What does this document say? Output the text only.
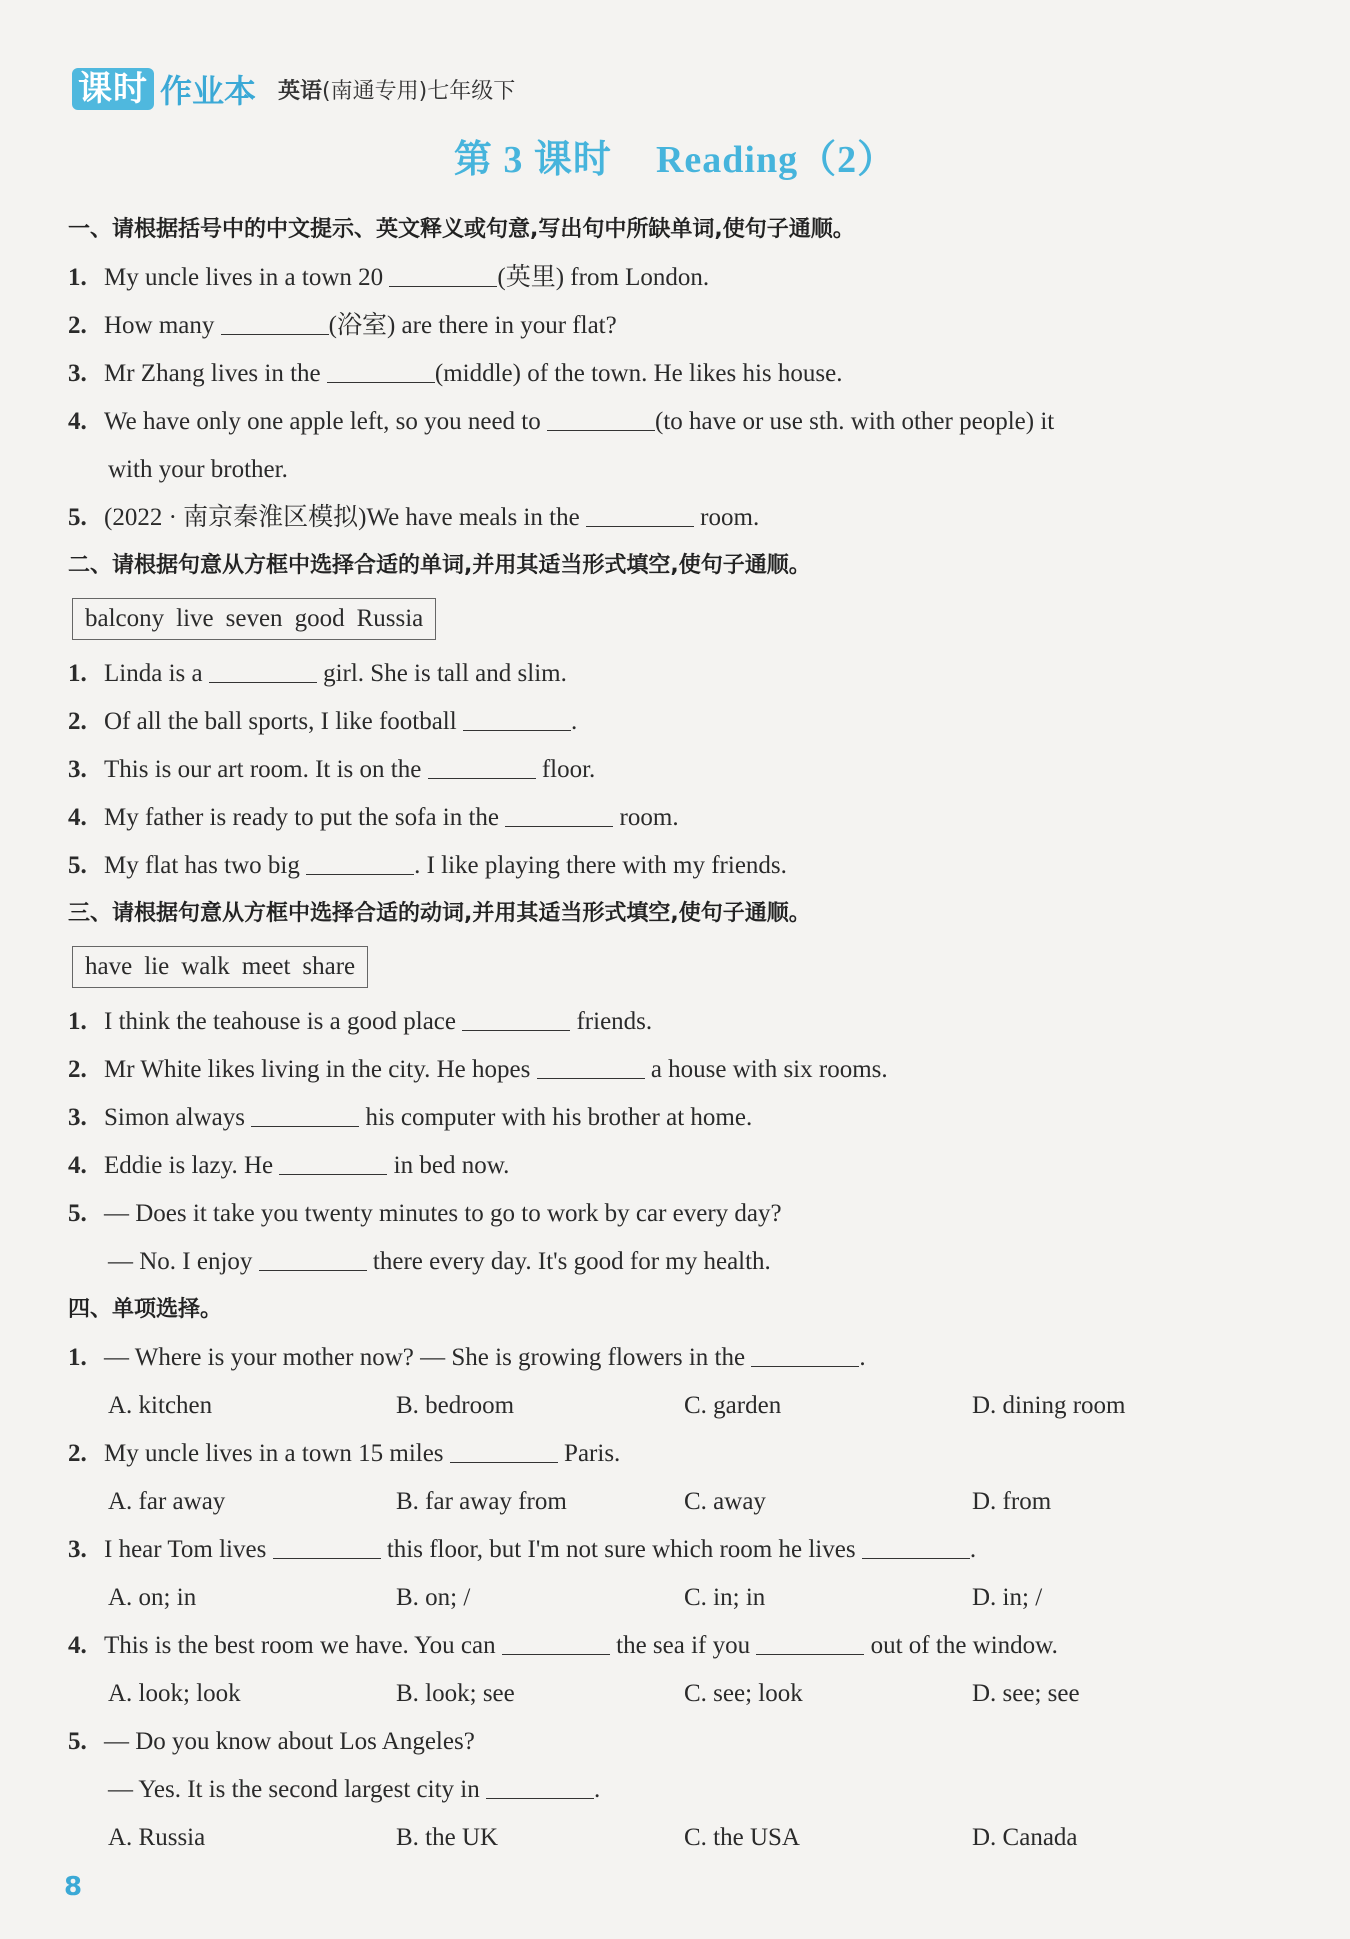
课时 作业本 英语(南通专用)七年级下
第 3 课时 Reading（2）
一、请根据括号中的中文提示、英文释义或句意,写出句中所缺单词,使句子通顺。
1. My uncle lives in a town 20	(英里) from London.
2. How many	(浴室) are there in your flat?
3. Mr Zhang lives in the	(middle) of the town. He likes his house.
4. We have only one apple left, so you need to	(to have or use sth. with other people) it
with your brother.
5. (2022 · 南京秦淮区模拟)We have meals in the	room.
二、请根据句意从方框中选择合适的单词,并用其适当形式填空,使句子通顺。
balcony live seven good Russia
1. Linda is a	girl. She is tall and slim.
2. Of all the ball sports, I like football	.
3. This is our art room. It is on the	floor.
4. My father is ready to put the sofa in the	room.
5. My flat has two big	. I like playing there with my friends.
三、请根据句意从方框中选择合适的动词,并用其适当形式填空,使句子通顺。
have lie walk meet share
1. I think the teahouse is a good place	friends.
2. Mr White likes living in the city. He hopes	a house with six rooms.
3. Simon always	his computer with his brother at home.
4. Eddie is lazy. He	in bed now.
5. — Does it take you twenty minutes to go to work by car every day?
— No. I enjoy	there every day. It's good for my health.
四、单项选择。
1. — Where is your mother now? — She is growing flowers in the	.
A. kitchen	B. bedroom	C. garden	D. dining room
2. My uncle lives in a town 15 miles	Paris.
A. far away	B. far away from	C. away	D. from
3. I hear Tom lives	this floor, but I'm not sure which room he lives	.
A. on; in	B. on; /	C. in; in	D. in; /
4. This is the best room we have. You can	the sea if you	out of the window.
A. look; look	B. look; see	C. see; look	D. see; see
5. — Do you know about Los Angeles?
— Yes. It is the second largest city in	.
A. Russia	B. the UK	C. the USA	D. Canada
8
